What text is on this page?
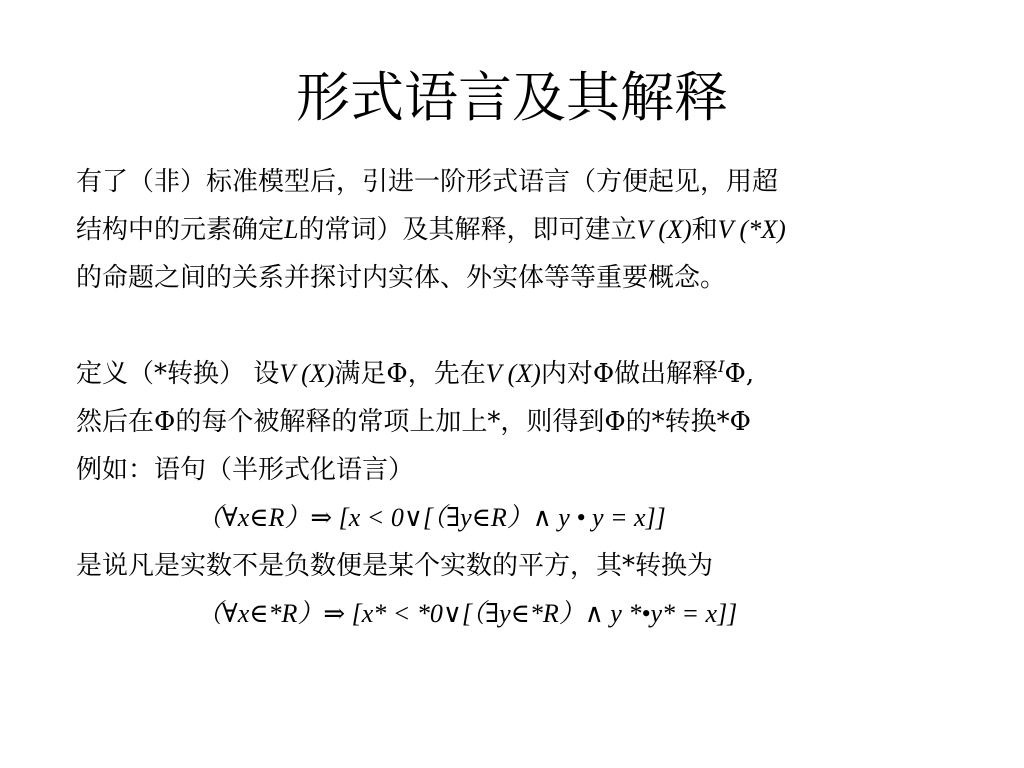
形式语言及其解释
有了（非）标准模型后，引进一阶形式语言（方便起见，用超
结构中的元素确定L的常词）及其解释，即可建立V (X)和V (*X)
的命题之间的关系并探讨内实体、外实体等等重要概念。
定义（*转换） 设V (X)满足Φ，先在V (X)内对Φ做出解释$^I$Φ,
然后在Φ的每个被解释的常项上加上*，则得到Φ的*转换*Φ
例如：语句（半形式化语言）
（∀x∈R）⇒ [x < 0∨[（∃y∈R）∧ y • y = x]]
是说凡是实数不是负数便是某个实数的平方，其*转换为
（∀x∈*R）⇒ [x* < *0∨[（∃y∈*R）∧ y *•y* = x]]
